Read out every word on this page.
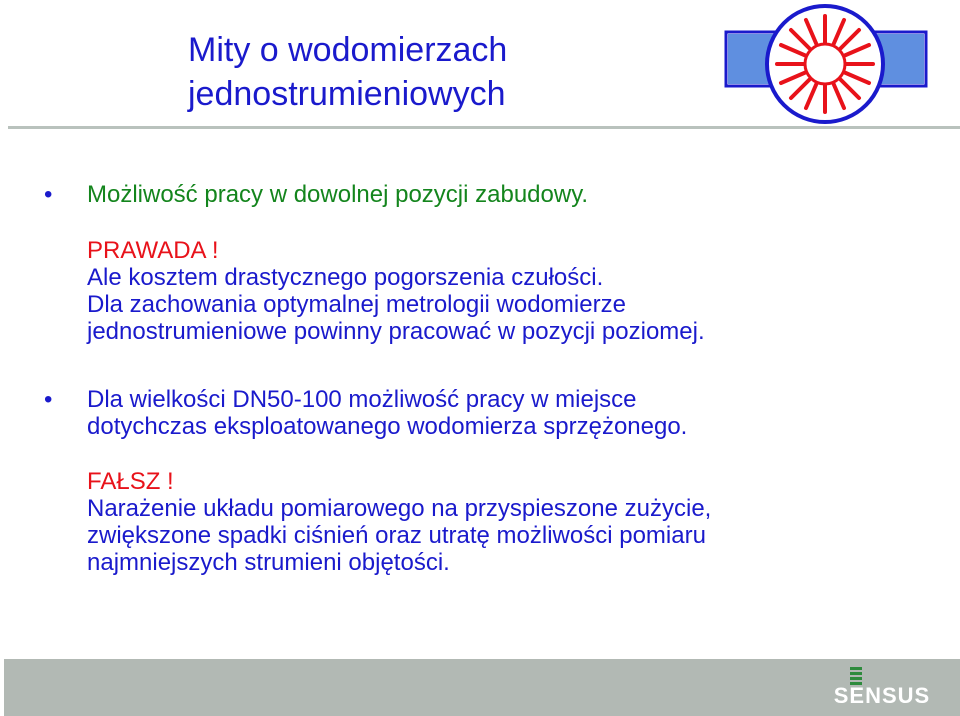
Mity o wodomierzach
jednostrumieniowych
• Możliwość pracy w dowolnej pozycji zabudowy.
PRAWADA !
Ale kosztem drastycznego pogorszenia czułości.
Dla zachowania optymalnej metrologii wodomierze
jednostrumieniowe powinny pracować w pozycji poziomej.
• Dla wielkości DN50-100 możliwość pracy w miejsce
dotychczas eksploatowanego wodomierza sprzężonego.
FAŁSZ !
Narażenie układu pomiarowego na przyspieszone zużycie,
zwiększone spadki ciśnień oraz utratę możliwości pomiaru
najmniejszych strumieni objętości.
SENSUS
